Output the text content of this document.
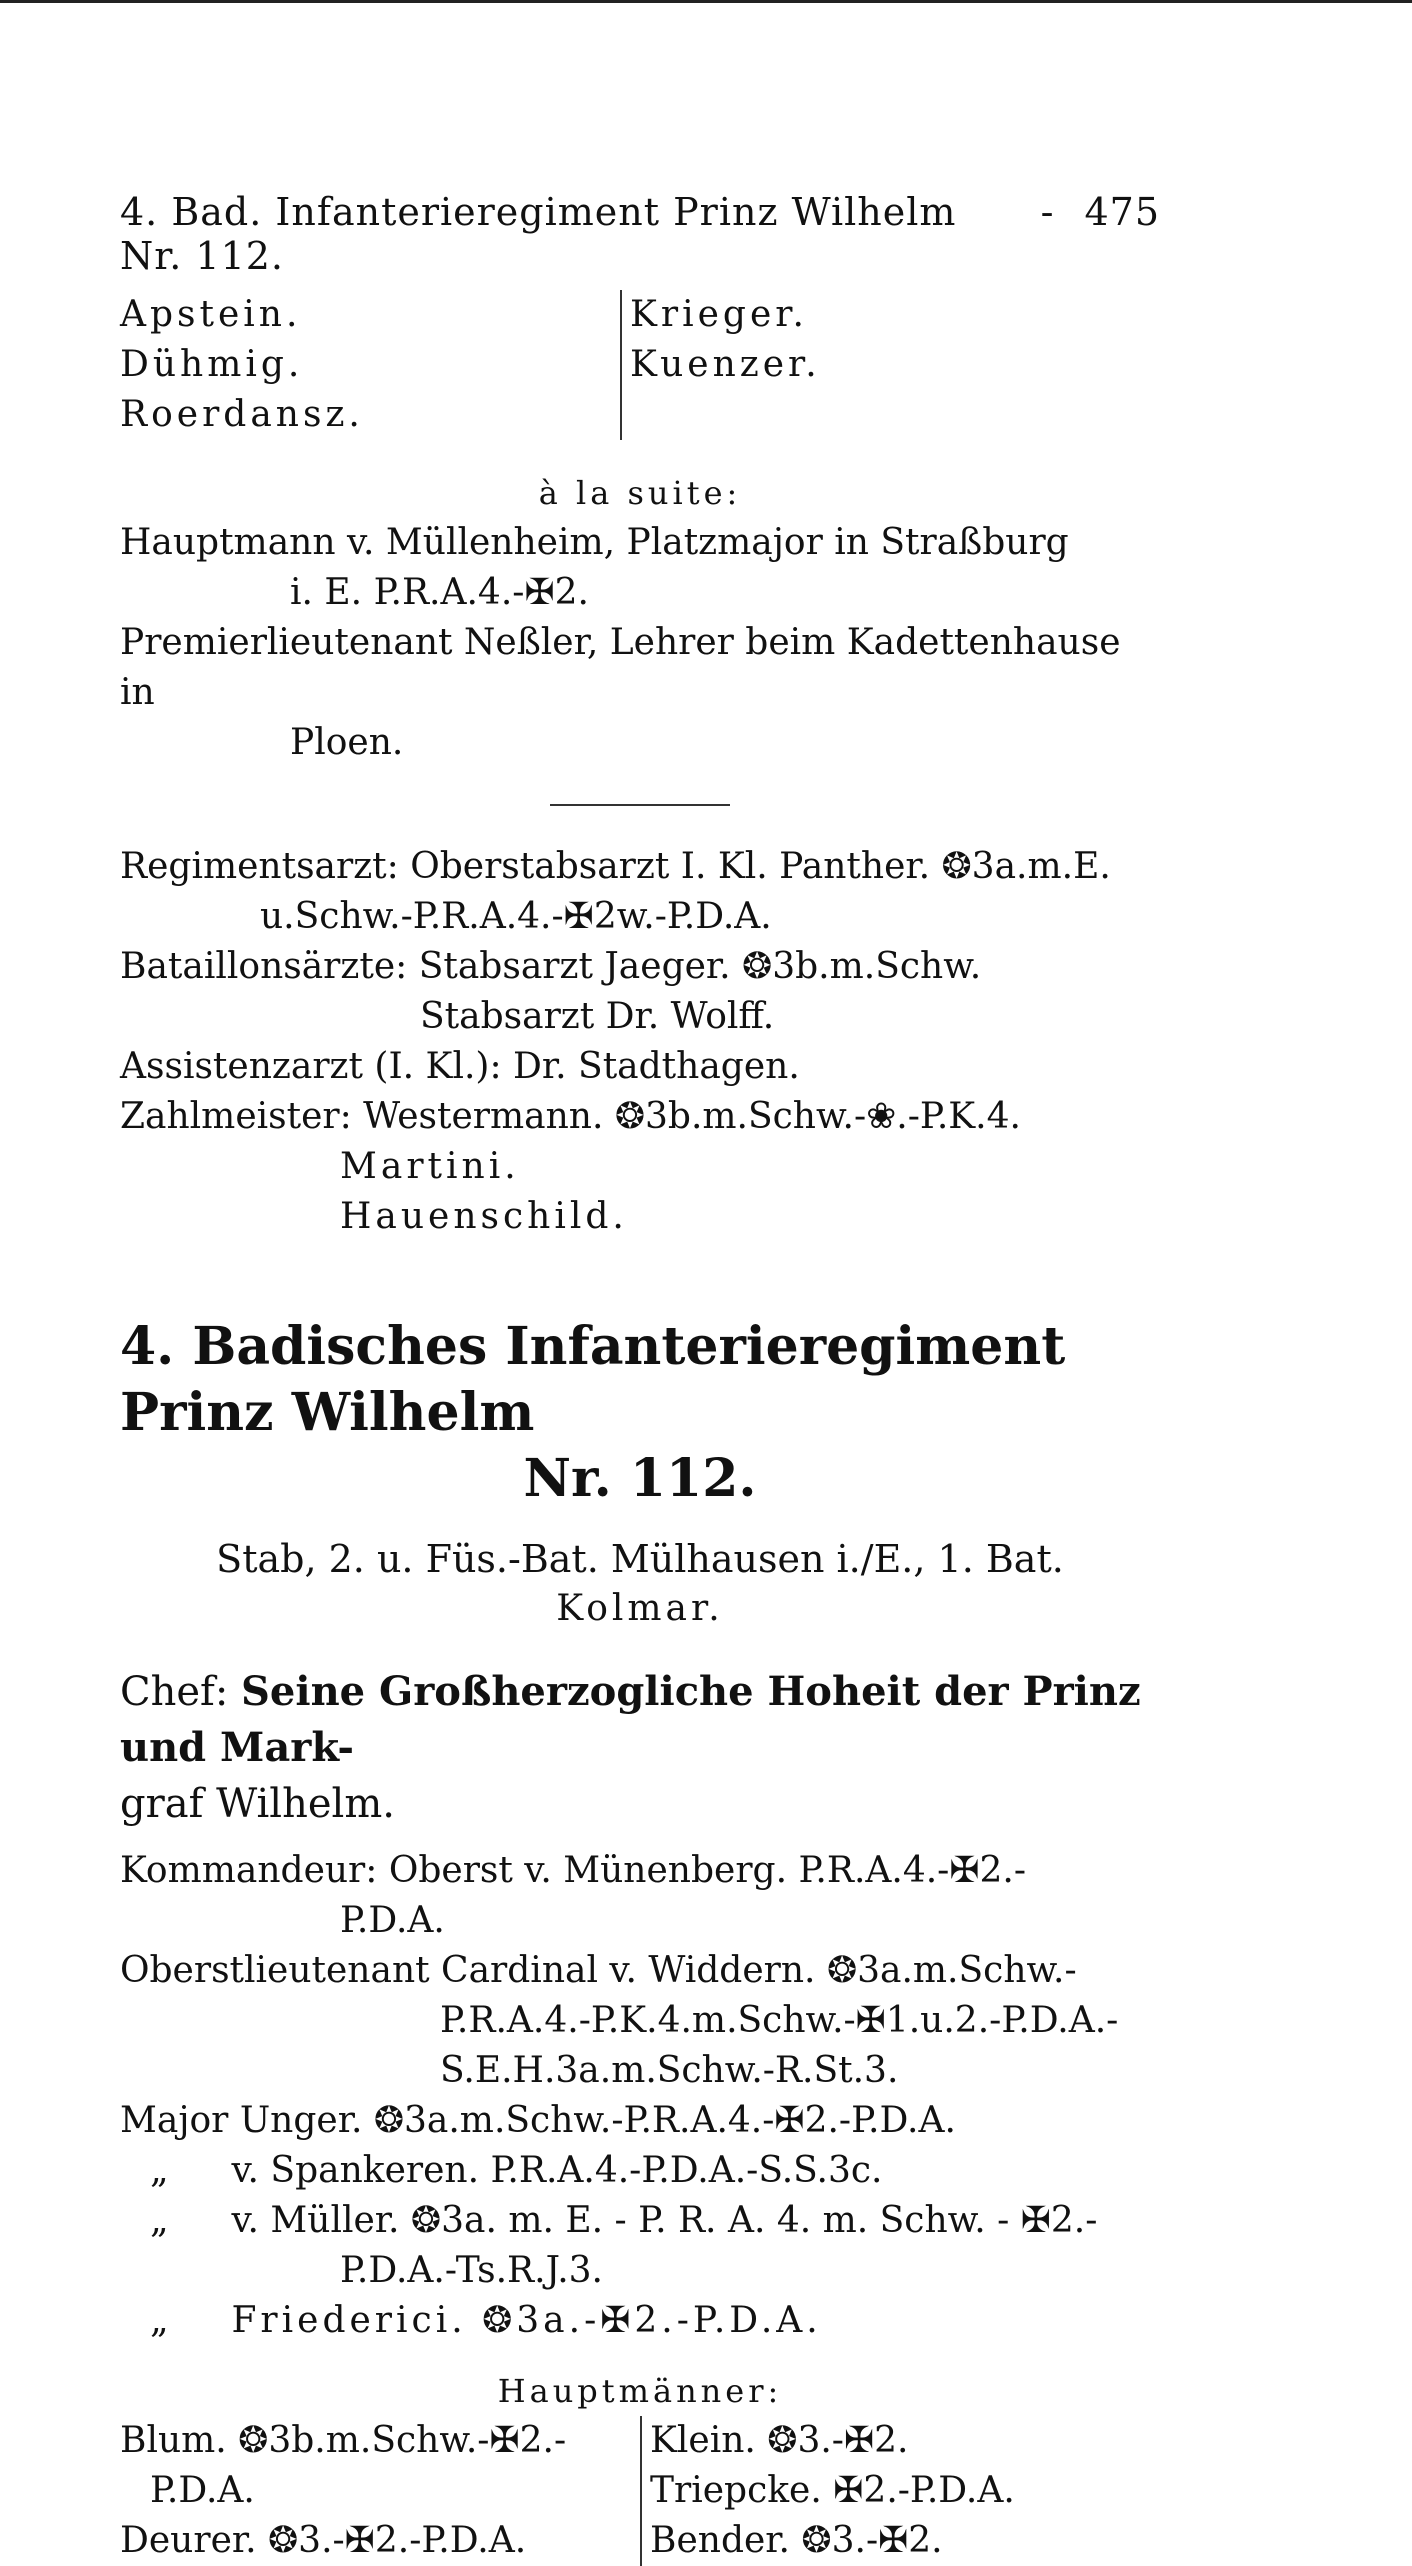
4. Bad. Infanterieregiment Prinz Wilhelm Nr. 112.
- 475
Apstein.
Dühmig.
Roerdansz.
Krieger.
Kuenzer.
à la suite:
Hauptmann v. Müllenheim, Platzmajor in Straßburg
i. E. P.R.A.4.-✠2.
Premierlieutenant Neßler, Lehrer beim Kadettenhause in
Ploen.
Regimentsarzt: Oberstabsarzt I. Kl. Panther. ❂3a.m.E.
u.Schw.-P.R.A.4.-✠2w.-P.D.A.
Bataillonsärzte: Stabsarzt Jaeger. ❂3b.m.Schw.
Stabsarzt Dr. Wolff.
Assistenzarzt (I. Kl.): Dr. Stadthagen.
Zahlmeister: Westermann. ❂3b.m.Schw.-❀.-P.K.4.
Martini.
Hauenschild.
4. Badisches Infanterieregiment Prinz Wilhelm
Nr. 112.
Stab, 2. u. Füs.-Bat. Mülhausen i./E., 1. Bat.
Kolmar.
Chef: Seine Großherzogliche Hoheit der Prinz und Mark-
graf Wilhelm.
Kommandeur: Oberst v. Münenberg. P.R.A.4.-✠2.-
P.D.A.
Oberstlieutenant Cardinal v. Widdern. ❂3a.m.Schw.-
P.R.A.4.-P.K.4.m.Schw.-✠1.u.2.-P.D.A.-
S.E.H.3a.m.Schw.-R.St.3.
Major Unger. ❂3a.m.Schw.-P.R.A.4.-✠2.-P.D.A.
„ v. Spankeren. P.R.A.4.-P.D.A.-S.S.3c.
„ v. Müller. ❂3a. m. E. - P. R. A. 4. m. Schw. - ✠2.-
P.D.A.-Ts.R.J.3.
„ Friederici. ❂3a.-✠2.-P.D.A.
Hauptmänner:
Blum. ❂3b.m.Schw.-✠2.-
P.D.A.
Deurer. ❂3.-✠2.-P.D.A.
Klein. ❂3.-✠2.
Triepcke. ✠2.-P.D.A.
Bender. ❂3.-✠2.
